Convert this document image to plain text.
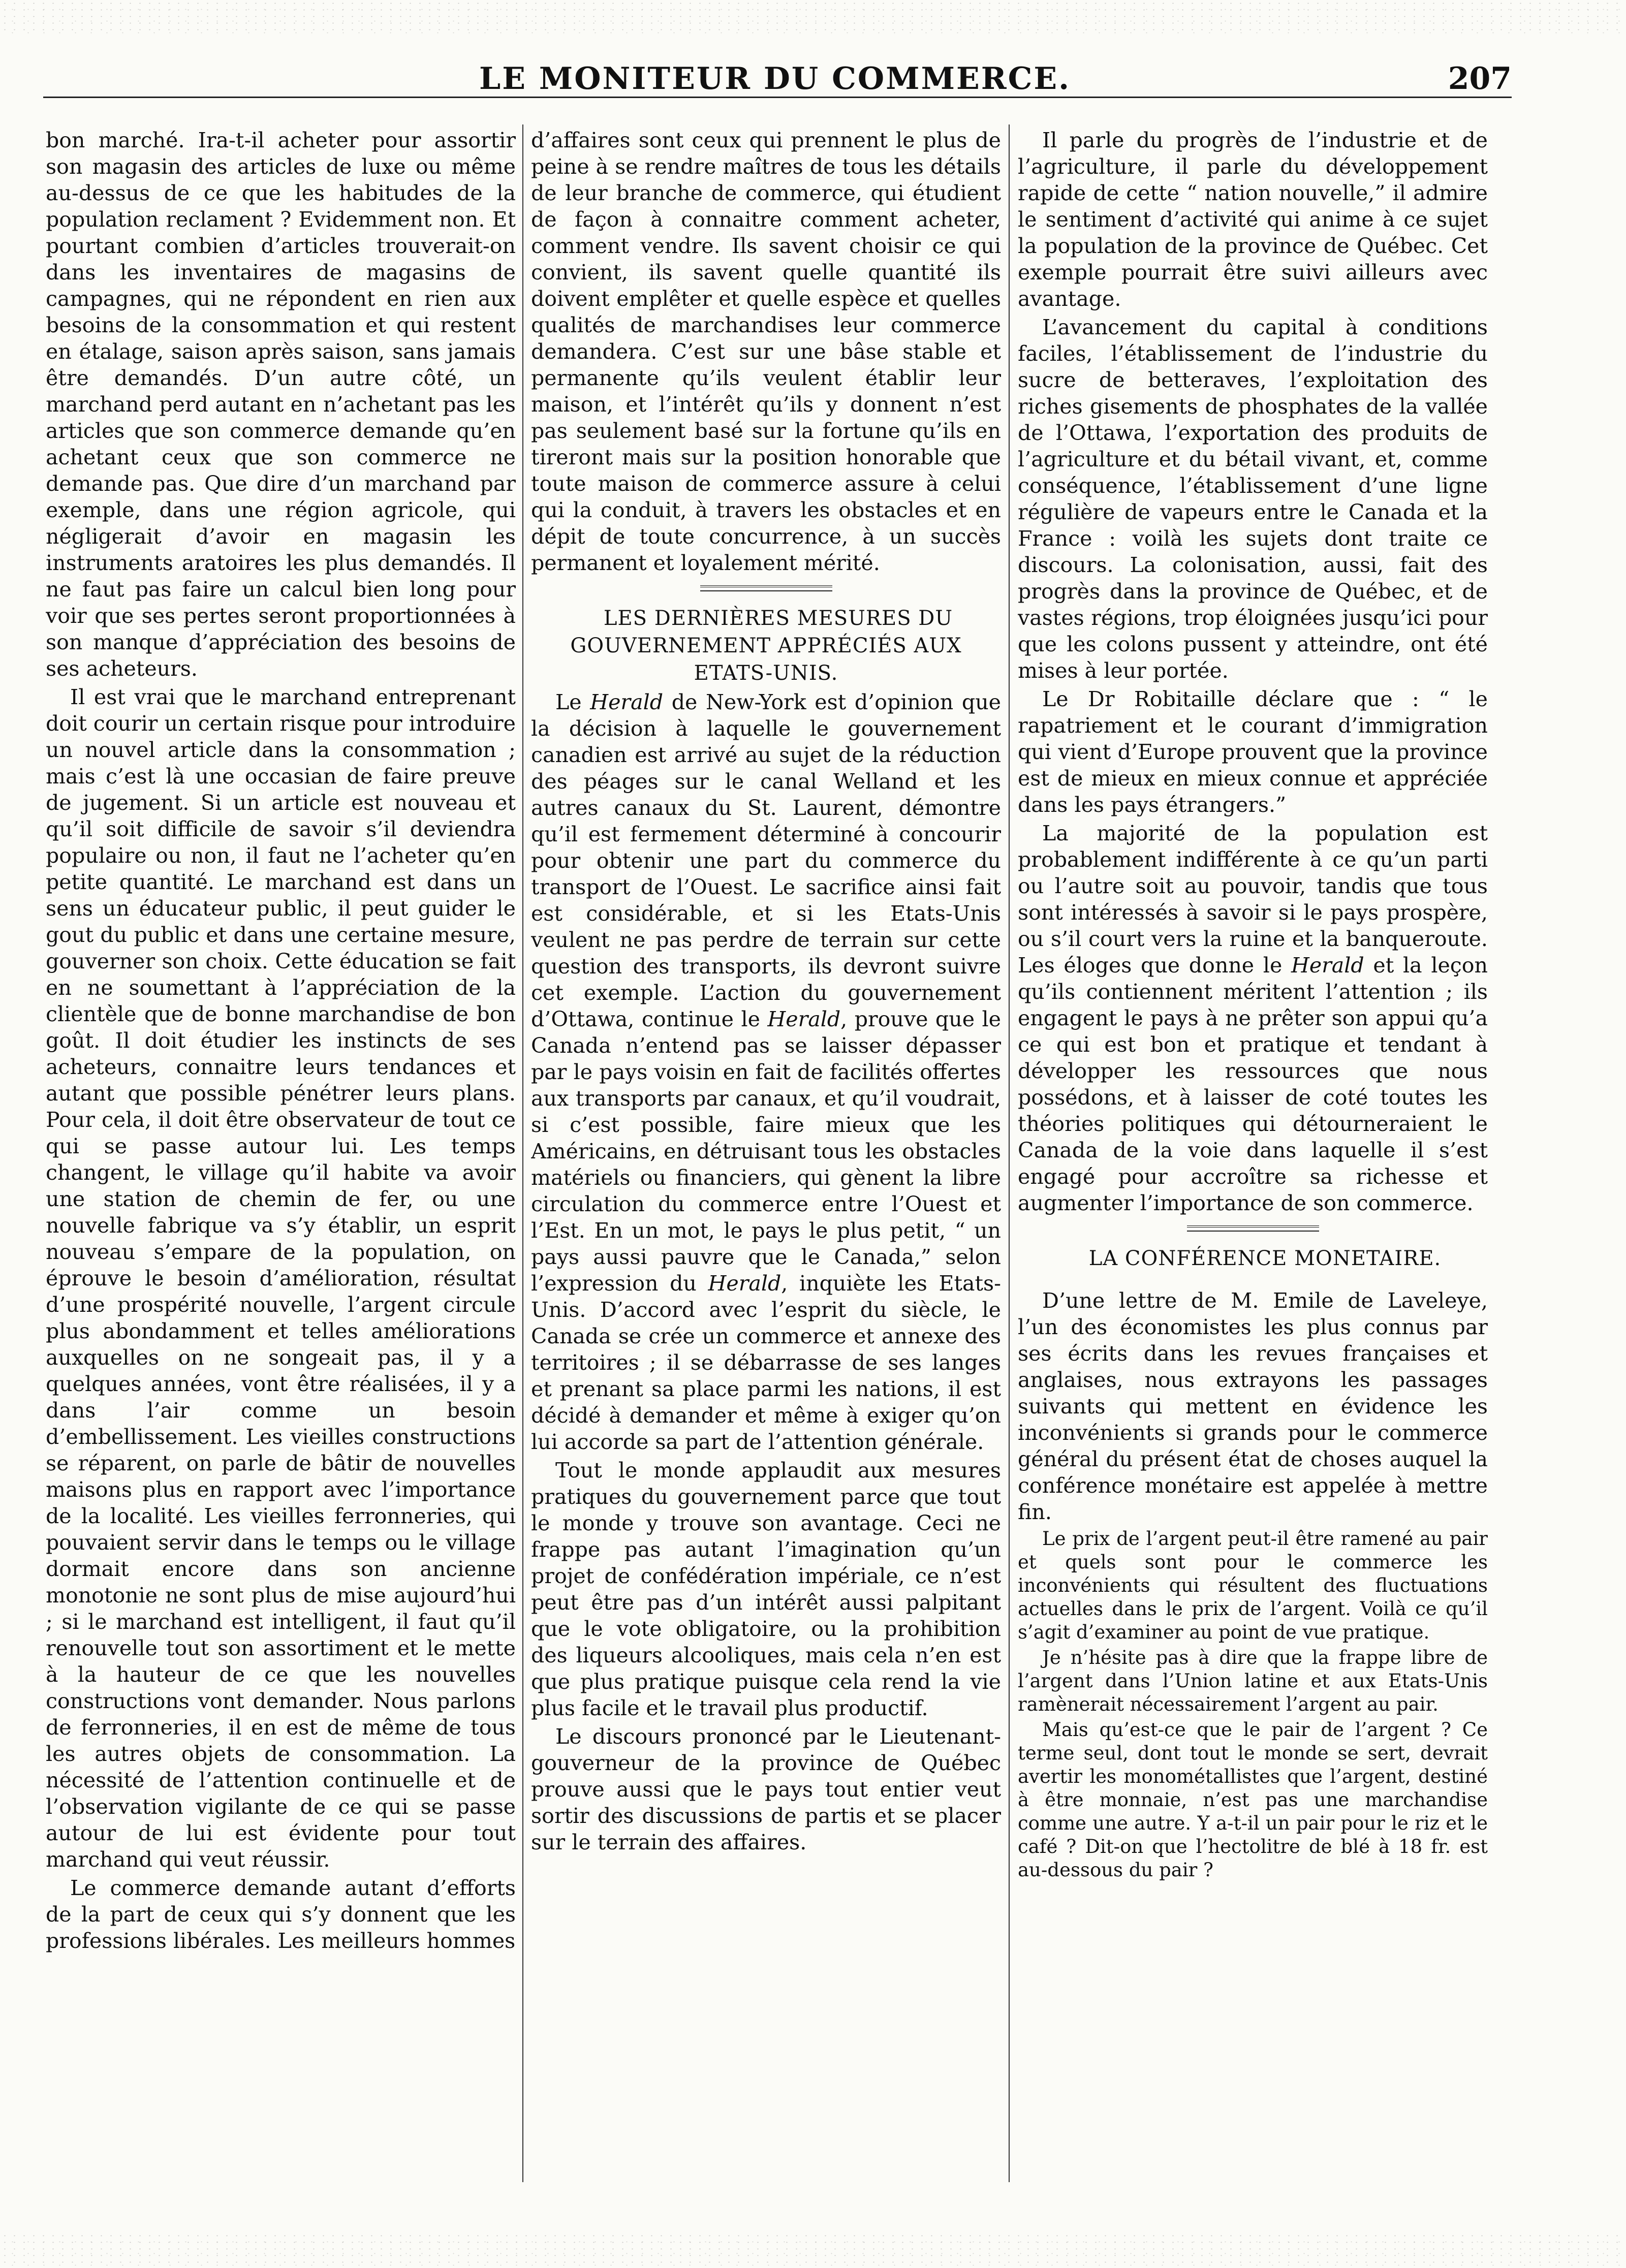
LE MONITEUR DU COMMERCE.	207

bon marché. Ira-t-il acheter pour assortir son magasin des articles de luxe ou même au-dessus de ce que les habitudes de la population reclament ? Evidemment non. Et pourtant combien d’articles trouverait-on dans les inventaires de magasins de campagnes, qui ne répondent en rien aux besoins de la consommation et qui restent en étalage, saison après saison, sans jamais être demandés. D’un autre côté, un marchand perd autant en n’achetant pas les articles que son commerce demande qu’en achetant ceux que son commerce ne demande pas. Que dire d’un marchand par exemple, dans une région agricole, qui négligerait d’avoir en magasin les instruments aratoires les plus demandés. Il ne faut pas faire un calcul bien long pour voir que ses pertes seront proportionnées à son manque d’appréciation des besoins de ses acheteurs.

Il est vrai que le marchand entreprenant doit courir un certain risque pour introduire un nouvel article dans la consommation ; mais c’est là une occasian de faire preuve de jugement. Si un article est nouveau et qu’il soit difficile de savoir s’il deviendra populaire ou non, il faut ne l’acheter qu’en petite quantité. Le marchand est dans un sens un éducateur public, il peut guider le gout du public et dans une certaine mesure, gouverner son choix. Cette éducation se fait en ne soumettant à l’appréciation de la clientèle que de bonne marchandise de bon goût. Il doit étudier les instincts de ses acheteurs, connaitre leurs tendances et autant que possible pénétrer leurs plans. Pour cela, il doit être observateur de tout ce qui se passe autour lui. Les temps changent, le village qu’il habite va avoir une station de chemin de fer, ou une nouvelle fabrique va s’y établir, un esprit nouveau s’empare de la population, on éprouve le besoin d’amélioration, résultat d’une prospérité nouvelle, l’argent circule plus abondamment et telles améliorations auxquelles on ne songeait pas, il y a quelques années, vont être réalisées, il y a dans l’air comme un besoin d’embellissement. Les vieilles constructions se réparent, on parle de bâtir de nouvelles maisons plus en rapport avec l’importance de la localité. Les vieilles ferronneries, qui pouvaient servir dans le temps ou le village dormait encore dans son ancienne monotonie ne sont plus de mise aujourd’hui ; si le marchand est intelligent, il faut qu’il renouvelle tout son assortiment et le mette à la hauteur de ce que les nouvelles constructions vont demander. Nous parlons de ferronneries, il en est de même de tous les autres objets de consommation. La nécessité de l’attention continuelle et de l’observation vigilante de ce qui se passe autour de lui est évidente pour tout marchand qui veut réussir.

Le commerce demande autant d’efforts de la part de ceux qui s’y donnent que les professions libérales. Les meilleurs hommes

d’affaires sont ceux qui prennent le plus de peine à se rendre maîtres de tous les détails de leur branche de commerce, qui étudient de façon à connaitre comment acheter, comment vendre. Ils savent choisir ce qui convient, ils savent quelle quantité ils doivent emplêter et quelle espèce et quelles qualités de marchandises leur commerce demandera. C’est sur une bâse stable et permanente qu’ils veulent établir leur maison, et l’intérêt qu’ils y donnent n’est pas seulement basé sur la fortune qu’ils en tireront mais sur la position honorable que toute maison de commerce assure à celui qui la conduit, à travers les obstacles et en dépit de toute concurrence, à un succès permanent et loyalement mérité.

LES DERNIÈRES MESURES DU GOUVERNEMENT APPRÉCIÉS AUX ETATS-UNIS.

Le Herald de New-York est d’opinion que la décision à laquelle le gouvernement canadien est arrivé au sujet de la réduction des péages sur le canal Welland et les autres canaux du St. Laurent, démontre qu’il est fermement déterminé à concourir pour obtenir une part du commerce du transport de l’Ouest. Le sacrifice ainsi fait est considérable, et si les Etats-Unis veulent ne pas perdre de terrain sur cette question des transports, ils devront suivre cet exemple. L’action du gouvernement d’Ottawa, continue le Herald, prouve que le Canada n’entend pas se laisser dépasser par le pays voisin en fait de facilités offertes aux transports par canaux, et qu’il voudrait, si c’est possible, faire mieux que les Américains, en détruisant tous les obstacles matériels ou financiers, qui gènent la libre circulation du commerce entre l’Ouest et l’Est. En un mot, le pays le plus petit, “ un pays aussi pauvre que le Canada,” selon l’expression du Herald, inquiète les Etats-Unis. D’accord avec l’esprit du siècle, le Canada se crée un commerce et annexe des territoires ; il se débarrasse de ses langes et prenant sa place parmi les nations, il est décidé à demander et même à exiger qu’on lui accorde sa part de l’attention générale.

Tout le monde applaudit aux mesures pratiques du gouvernement parce que tout le monde y trouve son avantage. Ceci ne frappe pas autant l’imagination qu’un projet de confédération impériale, ce n’est peut être pas d’un intérêt aussi palpitant que le vote obligatoire, ou la prohibition des liqueurs alcooliques, mais cela n’en est que plus pratique puisque cela rend la vie plus facile et le travail plus productif.

Le discours prononcé par le Lieutenant-gouverneur de la province de Québec prouve aussi que le pays tout entier veut sortir des discussions de partis et se placer sur le terrain des affaires.

Il parle du progrès de l’industrie et de l’agriculture, il parle du développement rapide de cette “ nation nouvelle,” il admire le sentiment d’activité qui anime à ce sujet la population de la province de Québec. Cet exemple pourrait être suivi ailleurs avec avantage.

L’avancement du capital à conditions faciles, l’établissement de l’industrie du sucre de betteraves, l’exploitation des riches gisements de phosphates de la vallée de l’Ottawa, l’exportation des produits de l’agriculture et du bétail vivant, et, comme conséquence, l’établissement d’une ligne régulière de vapeurs entre le Canada et la France : voilà les sujets dont traite ce discours. La colonisation, aussi, fait des progrès dans la province de Québec, et de vastes régions, trop éloignées jusqu’ici pour que les colons pussent y atteindre, ont été mises à leur portée.

Le Dr Robitaille déclare que : “ le rapatriement et le courant d’immigration qui vient d’Europe prouvent que la province est de mieux en mieux connue et appréciée dans les pays étrangers.”

La majorité de la population est probablement indifférente à ce qu’un parti ou l’autre soit au pouvoir, tandis que tous sont intéressés à savoir si le pays prospère, ou s’il court vers la ruine et la banqueroute. Les éloges que donne le Herald et la leçon qu’ils contiennent méritent l’attention ; ils engagent le pays à ne prêter son appui qu’a ce qui est bon et pratique et tendant à développer les ressources que nous possédons, et à laisser de coté toutes les théories politiques qui détourneraient le Canada de la voie dans laquelle il s’est engagé pour accroître sa richesse et augmenter l’importance de son commerce.

LA CONFÉRENCE MONETAIRE.

D’une lettre de M. Emile de Laveleye, l’un des économistes les plus connus par ses écrits dans les revues françaises et anglaises, nous extrayons les passages suivants qui mettent en évidence les inconvénients si grands pour le commerce général du présent état de choses auquel la conférence monétaire est appelée à mettre fin.

Le prix de l’argent peut-il être ramené au pair et quels sont pour le commerce les inconvénients qui résultent des fluctuations actuelles dans le prix de l’argent. Voilà ce qu’il s’agit d’examiner au point de vue pratique.

Je n’hésite pas à dire que la frappe libre de l’argent dans l’Union latine et aux Etats-Unis ramènerait nécessairement l’argent au pair.

Mais qu’est-ce que le pair de l’argent ? Ce terme seul, dont tout le monde se sert, devrait avertir les monométallistes que l’argent, destiné à être monnaie, n’est pas une marchandise comme une autre. Y a-t-il un pair pour le riz et le café ? Dit-on que l’hectolitre de blé à 18 fr. est au-dessous du pair ?
